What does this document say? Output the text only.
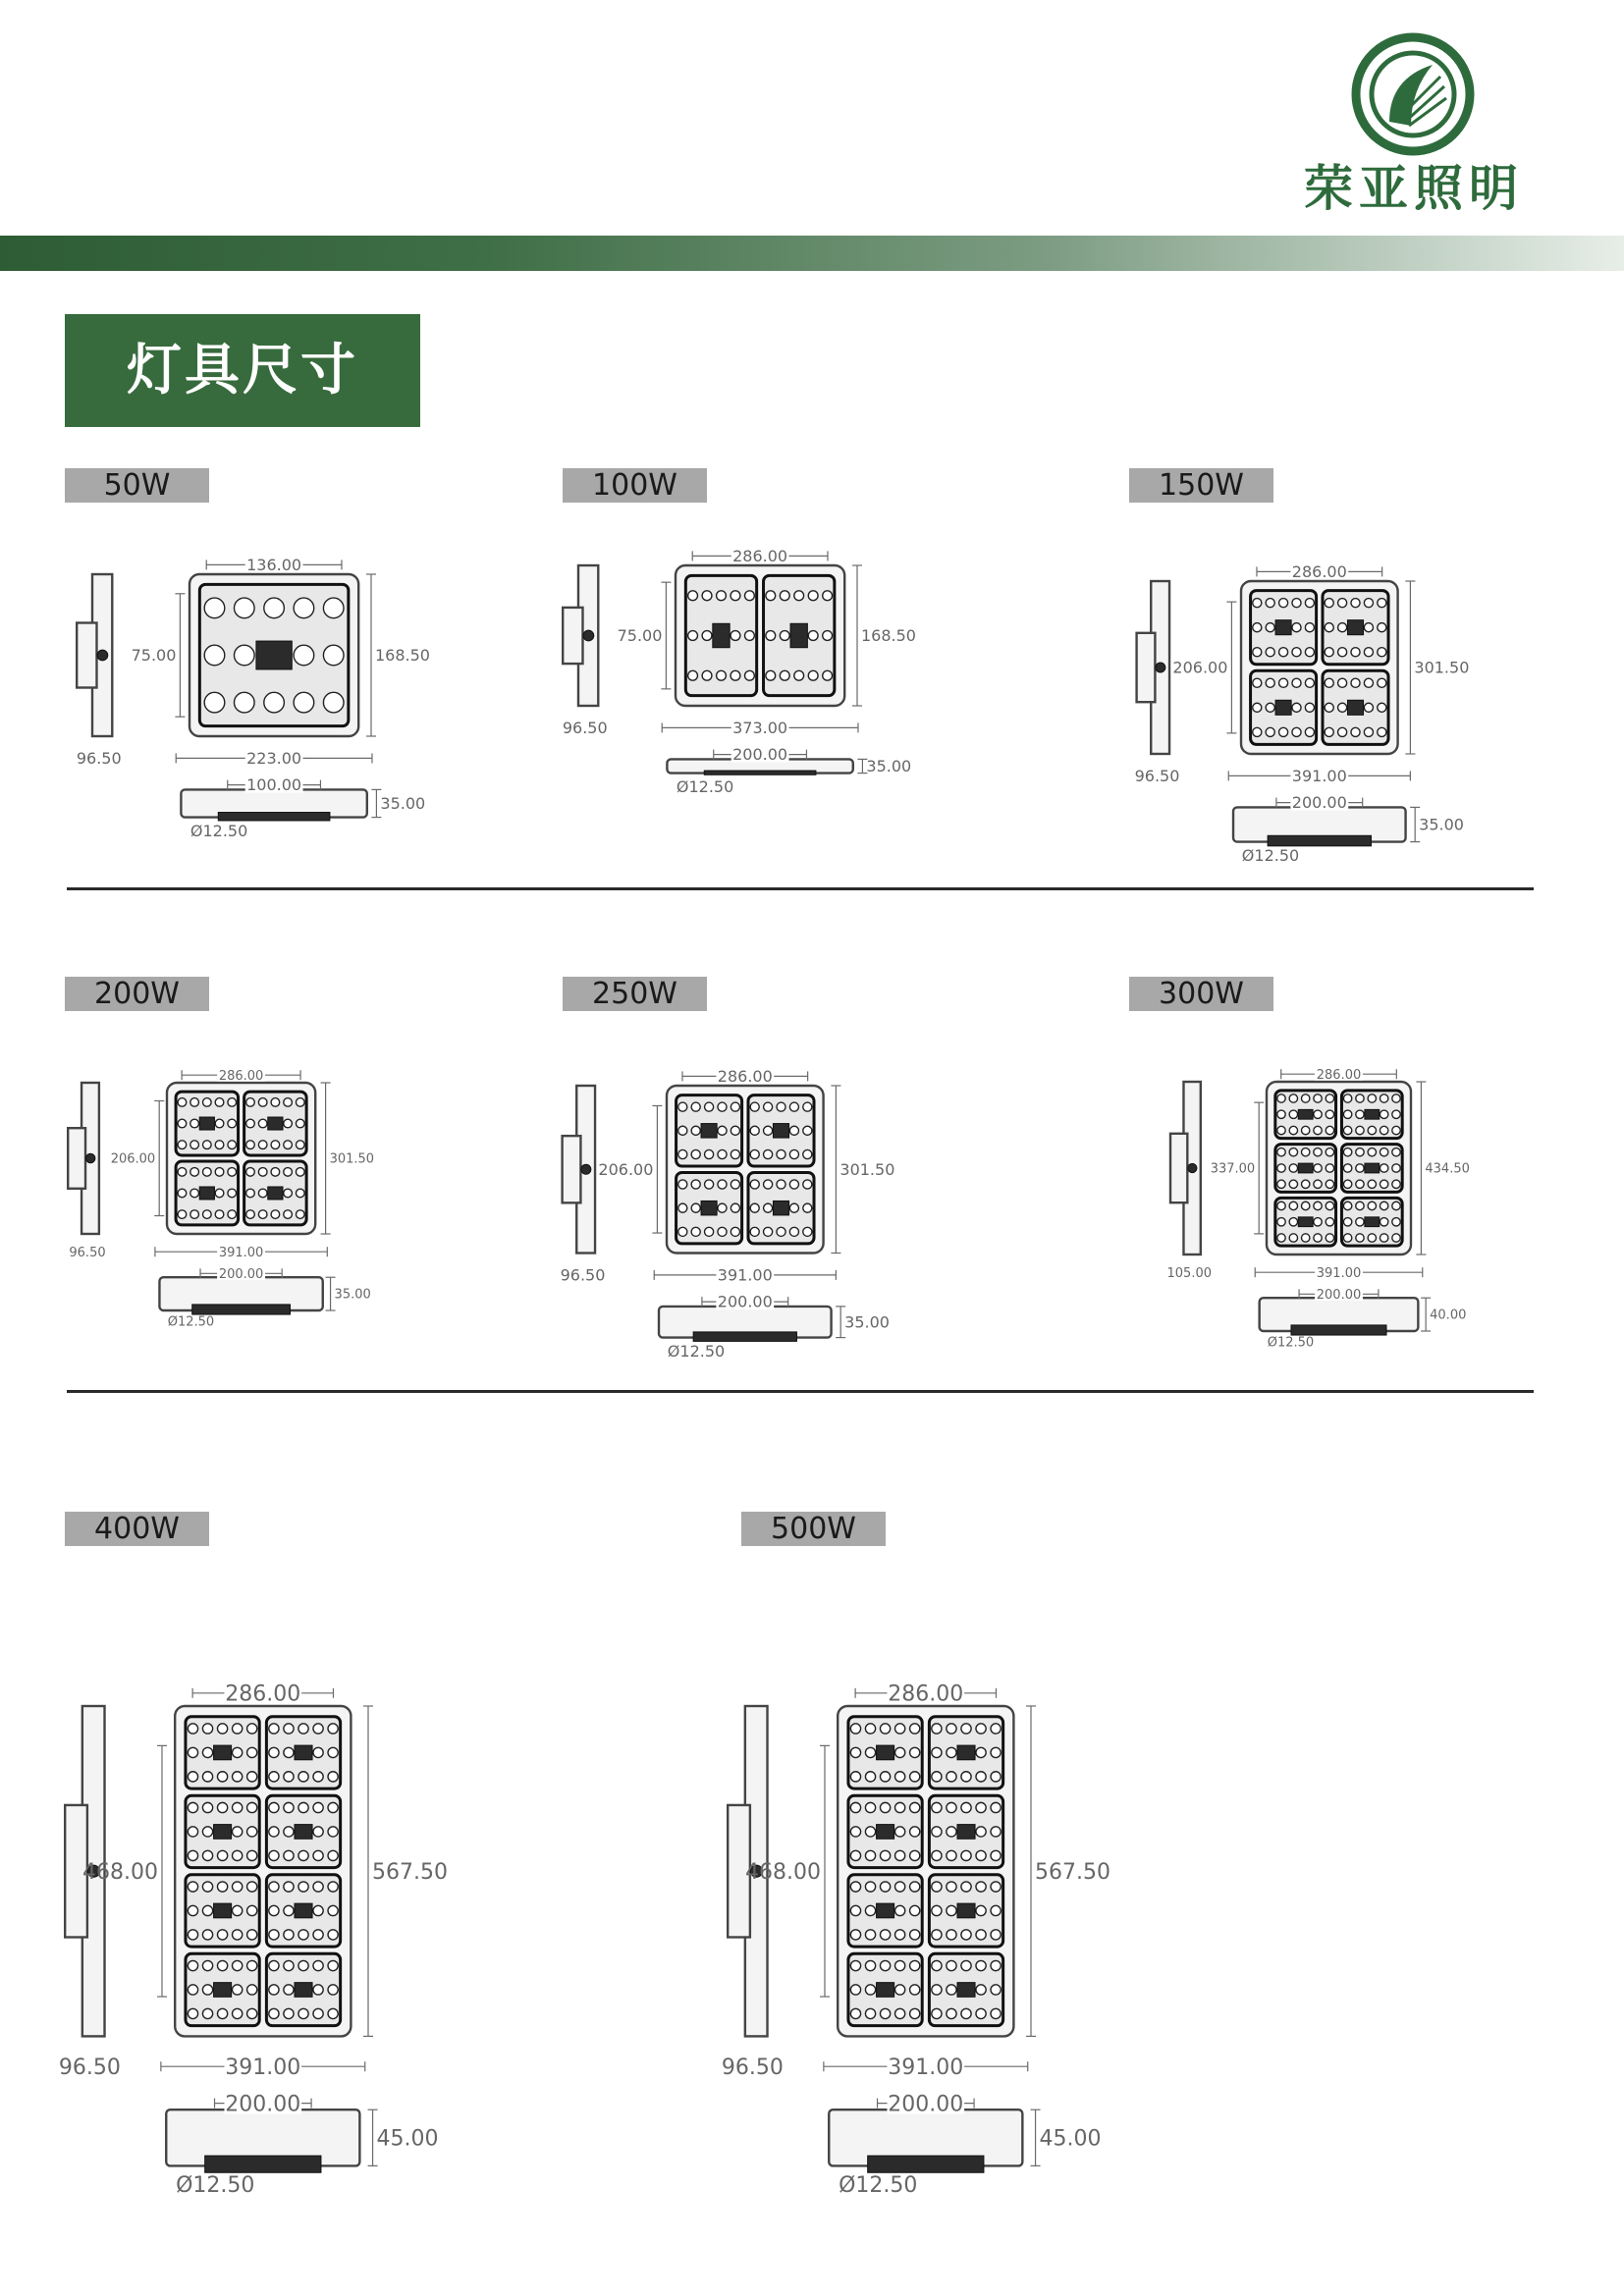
荣亚照明
灯具尺寸
50W	100W	150W
200W	250W	300W
400W	500W
96.50
136.00
223.00
168.50
75.00
100.00
35.00
Ø12.50
96.50
286.00
373.00
168.50
75.00
200.00
35.00
Ø12.50
96.50
286.00
391.00
301.50
206.00
200.00
35.00
Ø12.50
96.50
286.00
391.00
301.50
206.00
200.00
35.00
Ø12.50
96.50
286.00
391.00
301.50
206.00
200.00
35.00
Ø12.50
105.00
286.00
391.00
434.50
337.00
200.00
40.00
Ø12.50
96.50
286.00
391.00
567.50
468.00
200.00
45.00
Ø12.50
96.50
286.00
391.00
567.50
468.00
200.00
45.00
Ø12.50
